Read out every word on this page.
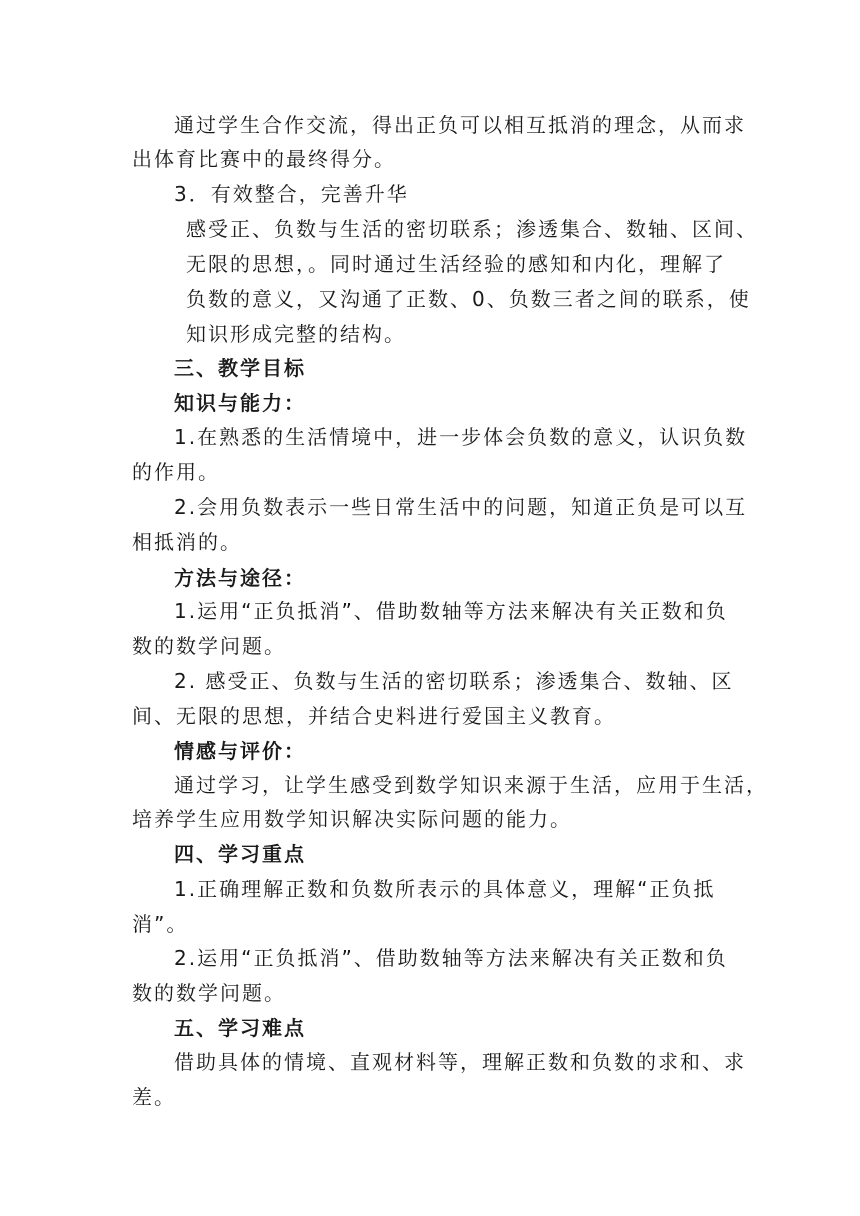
通过学生合作交流，得出正负可以相互抵消的理念，从而求
出体育比赛中的最终得分。
3．有效整合，完善升华
感受正、负数与生活的密切联系；渗透集合、数轴、区间、
无限的思想，。同时通过生活经验的感知和内化，理解了
负数的意义，又沟通了正数、0、负数三者之间的联系，使
知识形成完整的结构。
三、教学目标
知识与能力：
1.在熟悉的生活情境中，进一步体会负数的意义，认识负数
的作用。
2.会用负数表示一些日常生活中的问题，知道正负是可以互
相抵消的。
方法与途径：
1.运用“正负抵消”、借助数轴等方法来解决有关正数和负
数的数学问题。
2. 感受正、负数与生活的密切联系；渗透集合、数轴、区
间、无限的思想，并结合史料进行爱国主义教育。
情感与评价：
通过学习，让学生感受到数学知识来源于生活，应用于生活，
培养学生应用数学知识解决实际问题的能力。
四、学习重点
1.正确理解正数和负数所表示的具体意义，理解“正负抵
消”。
2.运用“正负抵消”、借助数轴等方法来解决有关正数和负
数的数学问题。
五、学习难点
借助具体的情境、直观材料等，理解正数和负数的求和、求
差。
